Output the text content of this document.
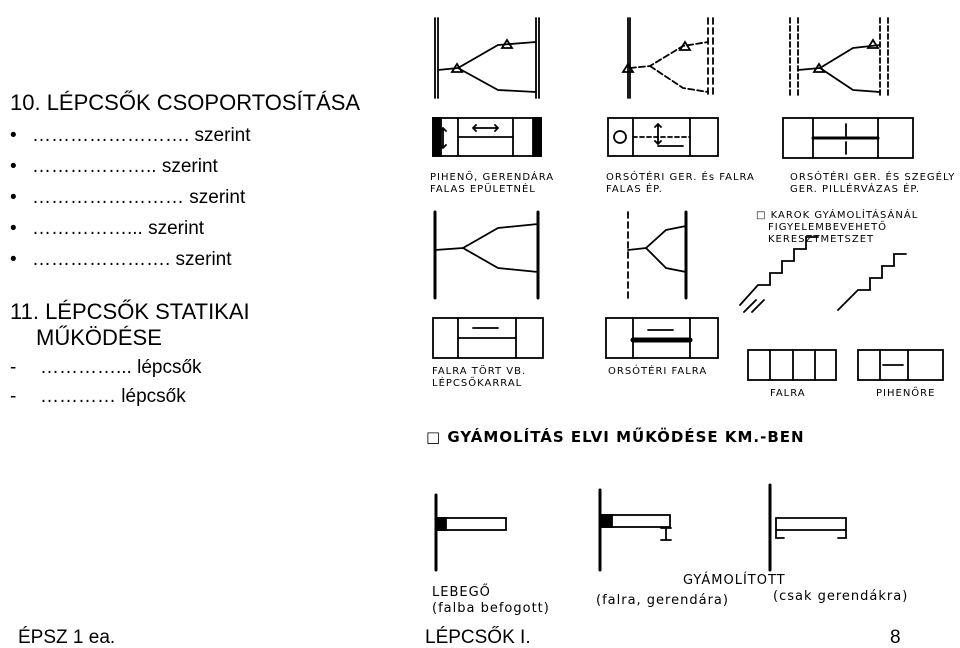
10. LÉPCSŐK CSOPORTOSÍTÁSA
• ……………………. szerint
• ……………….. szerint
• …………………… szerint
• ……………... szerint
• …………………. szerint
11. LÉPCSŐK STATIKAI
MŰKÖDÉSE
- …………... lépcsők
- ………… lépcsők
PIHENŐ, GERENDÁRA
FALAS EPÜLETNÉL
ORSÓTÉRI GER. És FALRA
FALAS ÉP.
ORSÓTÉRI GER. ÉS SZEGÉLY
GER. PILLÉRVÁZAS ÉP.
□ KAROK GYÁMOLÍTÁSÁNÁL
FIGYELEMBEVEHETŐ
KERESZTMETSZET
FALRA TÖRT VB.
LÉPCSŐKARRAL
ORSÓTÉRI FALRA
FALRA	PIHENŐRE
□ GYÁMOLÍTÁS ELVI MŰKÖDÉSE KM.-BEN
LEBEGŐ
(falba befogott)
GYÁMOLÍTOTT
(falra, gerendára)	(csak gerendákra)
ÉPSZ 1 ea.	LÉPCSŐK I.	8
